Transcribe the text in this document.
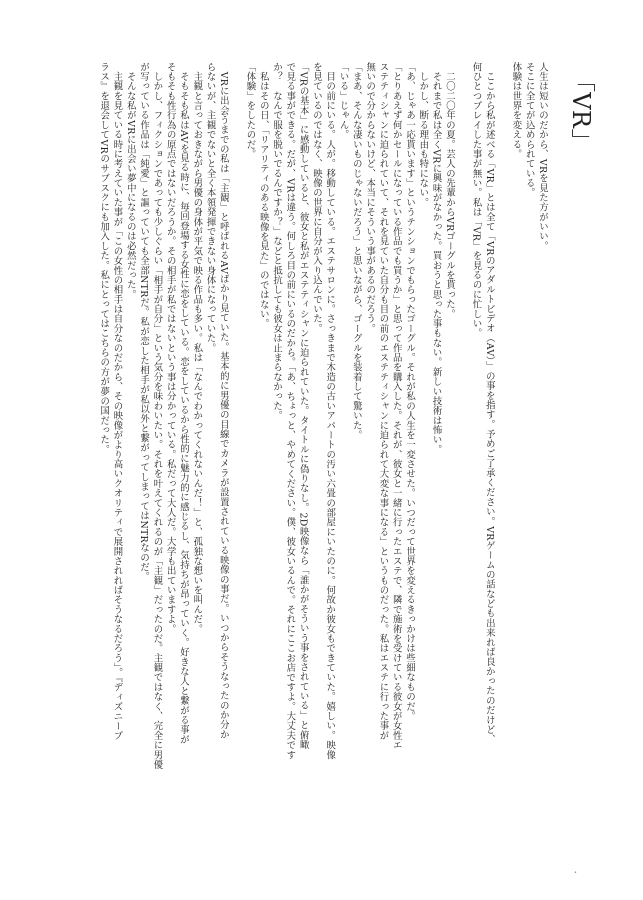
「VR」

人生は短いのだから、VRを見た方がいい。

そこに全てが込められている。

体験は世界を変える。

　ここから私が述べる「VR」とは全て「VRのアダルトビデオ（AV）」の事を指す。予めご了承ください。VRゲームの話なども出来れば良かったのだけど、

何ひとつプレイした事が無い。私は「VR」を見るのに忙しい。

　二〇二〇年の夏。芸人の先輩からVRゴーグルを貰った。

　それまで私は全くVRに興味がなかった。買おうと思った事もない。新しい技術は怖い。

　しかし、断る理由も特にない。

「あ、じゃあ一応貰います」というテンションでもらったゴーグル。それが私の人生を一変させた。いつだって世界を変えるきっかけは些細なものだ。

「とりあえず何かセールになっている作品でも買うか」と思って作品を購入した。それが、彼女と一緒に行ったエステで、隣で施術を受けている彼女が女性エ

ステティシャンに迫られていて、それを見ていた自分も目の前のエステティシャンに迫られて大変な事になる」というものだった。私はエステに行った事が

無いので分からないけど、本当にそういう事があるのだろう。

「まあ、そんな凄いものじゃないだろう」と思いながら、ゴーグルを装着して驚いた。

「いる」じゃん。

　目の前にいる。人が。移動している。エステサロンに。さっきまで木造の古いアパートの汚い六畳の部屋にいたのに。何故か彼女もできていた。嬉しい。映像

を見ているのではなく、映像の世界に自分が入り込んでいた。

「VRの基本」に感動していると、彼女と私がエステティシャンに迫られていた。タイトルに偽りなし。2D映像なら「誰かがそういう事をされている」と俯瞰

で見る事ができる。だが、VRは違う。何しろ目の前にいるのだから。「あ、ちょっと、やめてください。僕、彼女いるんで。それにここお店ですよ。大丈夫です

か？　なんで服を脱いでるんですか？」などと抵抗しても彼女は止まらなかった。

　私はその日、「リアリティのある映像を見た」のではない。

「体験」をしたのだ。

　VRに出会うまでの私は「主観」と呼ばれるAVばかり見ていた。基本的に男優の目線でカメラが設置されている映像の事だ。いつからそうなったのか分か

らないが、主観でないと全く本領発揮できない身体になっていた。

　主観と言っておきながら男優の身体が平気で映る作品も多い。私は「なんでわかってくれないんだ！」と、孤独な想いを叫んだ。

　そもそも私はAVを見る時に、毎回登場する女性に恋をしている。恋をしているから性的に魅力的に感じるし、気持ちが昂っていく。好きな人と繋がる事が

そもそも性行為の原点ではないだろうか。その相手が私ではないという事は分かっている。私だって大人だ。大学も出ていますよ。

　しかし、フィクションであっても少しぐらい「相手が自分」という気分を味わいたい。それを叶えてくれるのが「主観」だったのだ。主観ではなく、完全に男優

が写っている作品は「純愛」と謳っていても全部NTRだ。私が恋した相手が私以外と繋がってしまってはNTRなのだ。

　そんな私がVRに出会い夢中になるのは必然だった。

　主観を見ている時に考えていた事が「この女性の相手は自分なのだから、その映像がより高いクオリティで展開されればそうなるだろう」。『ディズニープ

ラス』を退会してVRのサブスクにも加入した。私にとってはこちらの方が夢の国だった。

•
